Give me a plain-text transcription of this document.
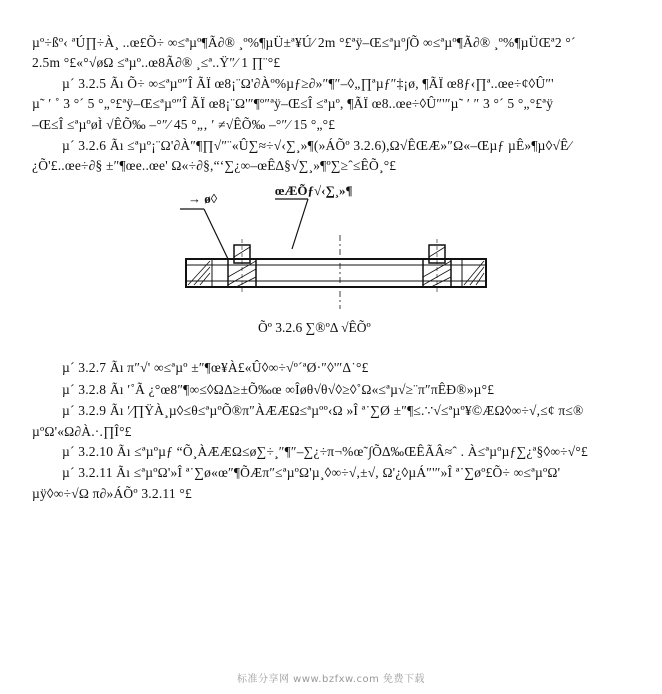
µº÷ßº‹ ªÚ∏÷À¸ ..œ£Õ÷ ∞≤ªµº¶Ã∂® ¸º%¶µÜ±ª¥Ú∕ 2m °£ªÿ–Œ≤ªµº∫Õ ∞≤ªµº¶Ã∂® ¸º%¶µÜŒª2 °´
2.5m °£«°√øΩ ≤ªµº..œ8Ã∂® ¸≤ª..Ÿ″∕ 1 ∏¨°£
µ´ 3.2.5 Ãı Õ÷ ∞≤ªµº″Î ÃÏ œ8¡¨Ω'∂Àº%µƒ≥∂»″¶″–◊„∏ªµƒ″‡¡ø, ¶ÃÏ œ8ƒ‹∏ª..œe÷¢◊Û″'
µ˜ ′ ˚ 3 °´ 5 °„°£ªÿ–Œ≤ªµº″Î ÃÏ œ8¡¨Ω'″¶º″ªÿ–Œ≤Î ≤ªµº, ¶ÃÏ œ8..œe÷◊Û″'″µ˜ ′ ″ 3 °´ 5 °„°£ªÿ
–Œ≤Î ≤ªµºøÌ √ÊÕ‰ –°″∕ 45 °„‚ ′ ≠√ÊÕ‰ –°″∕ 15 °„°£
µ´ 3.2.6 Ãı ≤ªµº¡¨Ω'∂À″¶∏√″¨«Û∑≈÷√‹∑¸»¶(»ÁÕº 3.2.6),Ω√ÊŒÆ»″Ω«–Œµƒ µÊ»¶µ◊√Ê∕
¿Õ'£..œe÷∂§ ±″¶œe..œe' Ω«÷∂§,“‘∑¿∞–œÊ∆§√∑¸»¶º∑≥ˆ≤ÊÕ¸°£
→ ø◊
œÆÕƒ√‹∑¸»¶
Õº 3.2.6 ∑®ºΔ √ÊÕº
µ´ 3.2.7 Ãı π″√' ∞≤ªµº ±″¶œ¥À£«Û◊∞÷√º´ªØ·″◊'″Δ˙°£
µ´ 3.2.8 Ãı ′˚Ã ¿°œ8″¶∞≤◊ΩΔ≥±Õ‰œ ∞Îøθ√θ√◊≥◊˚Ω«≤ªµ√≥¨π″πÊÐ®»µ°£
µ´ 3.2.9 Ãı ′∕∏ŸÀ¸µ◊≤θ≤ªµºÕ®π″ÀÆÆΩ≤ªµºº‹Ω »Î ª˙∑Ø ±″¶≤.∵√≤ªµº¥©ÆΩ◊∞÷√,≤¢ π≤®
µºΩ'«Ω∂À.·.∏Î°£
µ´ 3.2.10 Ãı ≤ªµºµƒ “Õ¸ÀÆÆΩ≤ø∑÷¸″¶″–∑¿÷π¬%œ˜∫Õ∆‰ŒÊÃÂ≈ˆ . À≤ªµºµƒ∑¿ª§◊∞÷√°£
µ´ 3.2.11 Ãı ≤ªµºΩ'»Î ª˙∑ø«œ″¶ÕÆπ″≤ªµºΩ'µ¸◊∞÷√,±√, Ω'¿◊µÁ″'″»Î ª˙∑øº£Õ÷ ∞≤ªµºΩ'
µÿ◊∞÷√Ω π∂»ÁÕº 3.2.11 °£
标准分享网 www.bzfxw.com 免费下载
